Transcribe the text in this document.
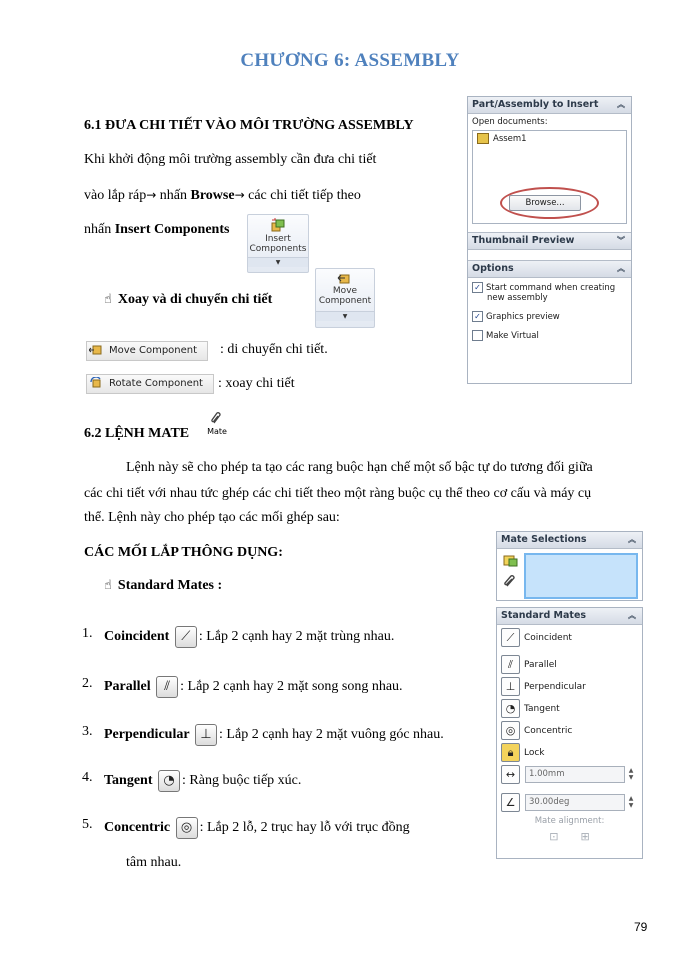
CHƯƠNG 6: ASSEMBLY
6.1 ĐƯA CHI TIẾT VÀO MÔI TRƯỜNG ASSEMBLY
Khi khởi động môi trường assembly cần đưa chi tiết
vào lắp ráp→ nhấn Browse→ các chi tiết tiếp theo
nhấn Insert Components
Insert
Components
▼
☝ Xoay và di chuyển chi tiết
Move
Component
▼
Move Component	: di chuyển chi tiết.
Rotate Component	: xoay chi tiết
Part/Assembly to Insert ︽
Open documents:
Assem1
Browse...
Thumbnail Preview	︾
Options	︽
✓ Start command when creating
new assembly
✓ Graphics preview
Make Virtual
6.2 LỆNH MATE	Mate
Lệnh này sẽ cho phép ta tạo các rang buộc hạn chế một số bậc tự do tương đối giữa
các chi tiết với nhau tức ghép các chi tiết theo một ràng buộc cụ thể theo cơ cấu và máy cụ
thể. Lệnh này cho phép tạo các mối ghép sau:
CÁC MỐI LẮP THÔNG DỤNG:
☝ Standard Mates :
1. Coincident ⟋ : Lắp 2 cạnh hay 2 mặt trùng nhau.
2. Parallel ⫽ : Lắp 2 cạnh hay 2 mặt song song nhau.
3. Perpendicular ⊥ : Lắp 2 cạnh hay 2 mặt vuông góc nhau.
4. Tangent ◔ : Ràng buộc tiếp xúc.
5. Concentric ◎ : Lắp 2 lỗ, 2 trục hay lỗ với trục đồng
tâm nhau.
Mate Selections	︽
Standard Mates	︽
⟋ Coincident
⫽ Parallel
⊥ Perpendicular
◔ Tangent
◎ Concentric
🔒︎ Lock
↔	1.00mm	▲
▼
∠	30.00deg	▲
▼
Mate alignment:
⊡ ⊞
79
